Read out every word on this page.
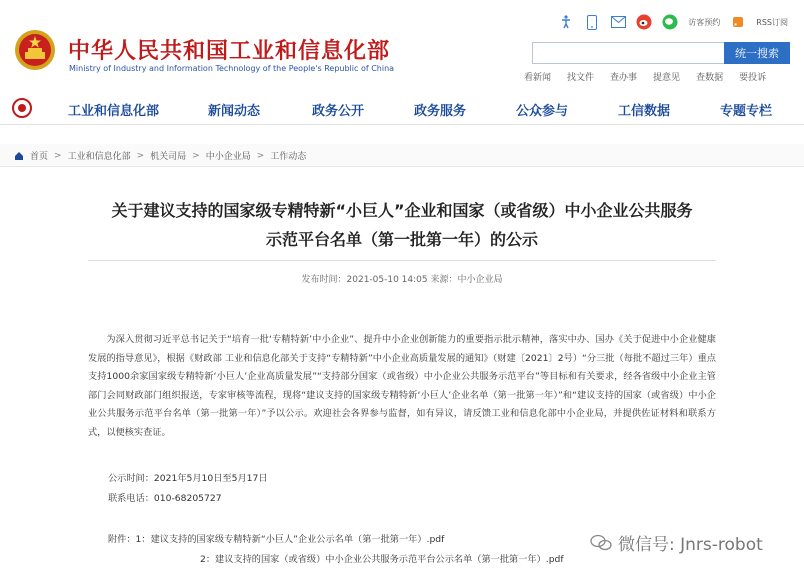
中华人民共和国工业和信息化部
Ministry of Industry and Information Technology of the People's Republic of China
访客预约	RSS订阅
统一搜索
看新闻 找文件 查办事 提意见 查数据 要投诉
工业和信息化部	新闻动态	政务公开	政务服务	公众参与	工信数据	专题专栏
首页 > 工业和信息化部 > 机关司局 > 中小企业局 > 工作动态
关于建议支持的国家级专精特新“小巨人”企业和国家（或省级）中小企业公共服务
示范平台名单（第一批第一年）的公示
发布时间：2021-05-10 14:05 来源：中小企业局
为深入贯彻习近平总书记关于“培育一批‘专精特新’中小企业”、提升中小企业创新能力的重要指示批示精神，落实中办、国办《关于促进中小企业健康发展的指导意见》，根据《财政部 工业和信息化部关于支持“专精特新”中小企业高质量发展的通知》（财建〔2021〕2号）“分三批（每批不超过三年）重点支持1000余家国家级专精特新‘小巨人’企业高质量发展”“支持部分国家（或省级）中小企业公共服务示范平台”等目标和有关要求，经各省级中小企业主管部门会同财政部门组织报送，专家审核等流程，现将“建议支持的国家级专精特新‘小巨人’企业名单（第一批第一年）”和“建议支持的国家（或省级）中小企业公共服务示范平台名单（第一批第一年）”予以公示。欢迎社会各界参与监督，如有异议，请反馈工业和信息化部中小企业局，并提供佐证材料和联系方式，以便核实查证。
公示时间：2021年5月10日至5月17日
联系电话：010-68205727
附件：1：建议支持的国家级专精特新“小巨人”企业公示名单（第一批第一年）.pdf
2：建议支持的国家（或省级）中小企业公共服务示范平台公示名单（第一批第一年）.pdf
微信号: Jnrs-robot
